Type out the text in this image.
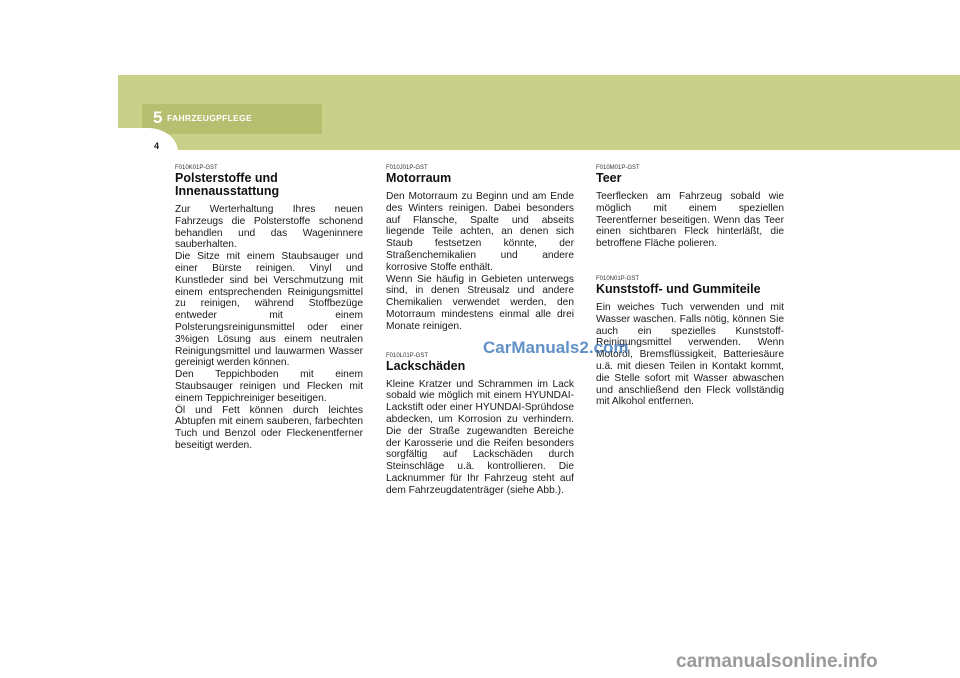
5 FAHRZEUGPFLEGE
4
F010K01P-GST
Polsterstoffe und Innenausstattung

Zur Werterhaltung Ihres neuen Fahrzeugs die Polsterstoffe schonend behandlen und das Wageninnere sauberhalten.

Die Sitze mit einem Staubsauger und einer Bürste reinigen. Vinyl und Kunstleder sind bei Verschmutzung mit einem entsprechenden Reinigungsmittel zu reinigen, während Stoffbezüge entweder mit einem Polsterungsreinigunsmittel oder einer 3%igen Lösung aus einem neutralen Reinigungsmittel und lauwarmen Wasser gereinigt werden können.

Den Teppichboden mit einem Staubsauger reinigen und Flecken mit einem Teppichreiniger beseitigen.

Öl und Fett können durch leichtes Abtupfen mit einem sauberen, farbechten Tuch und Benzol oder Fleckenentferner beseitigt werden.

F010J01P-GST
Motorraum

Den Motorraum zu Beginn und am Ende des Winters reinigen. Dabei besonders auf Flansche, Spalte und abseits liegende Teile achten, an denen sich Staub festsetzen könnte, der Straßenchemikalien und andere korrosive Stoffe enthält.

Wenn Sie häufig in Gebieten unterwegs sind, in denen Streusalz und andere Chemikalien verwendet werden, den Motorraum mindestens einmal alle drei Monate reinigen.

F010L01P-GST
Lackschäden

Kleine Kratzer und Schrammen im Lack sobald wie möglich mit einem HYUNDAI-Lackstift oder einer HYUNDAI-Sprühdose abdecken, um Korrosion zu verhindern. Die der Straße zugewandten Bereiche der Karosserie und die Reifen besonders sorgfältig auf Lackschäden durch Steinschläge u.ä. kontrollieren. Die Lacknummer für Ihr Fahrzeug steht auf dem Fahrzeugdatenträger (siehe Abb.).

F010M01P-GST
Teer

Teerflecken am Fahrzeug sobald wie möglich mit einem speziellen Teerentferner beseitigen. Wenn das Teer einen sichtbaren Fleck hinterläßt, die betroffene Fläche polieren.

F010N01P-GST
Kunststoff- und Gummiteile

Ein weiches Tuch verwenden und mit Wasser waschen. Falls nötig, können Sie auch ein spezielles Kunststoff-Reinigungsmittel verwenden. Wenn Motoröl, Bremsflüssigkeit, Batteriesäure u.ä. mit diesen Teilen in Kontakt kommt, die Stelle sofort mit Wasser abwaschen und anschließend den Fleck vollständig mit Alkohol entfernen.

CarManuals2.com
carmanualsonline.info
